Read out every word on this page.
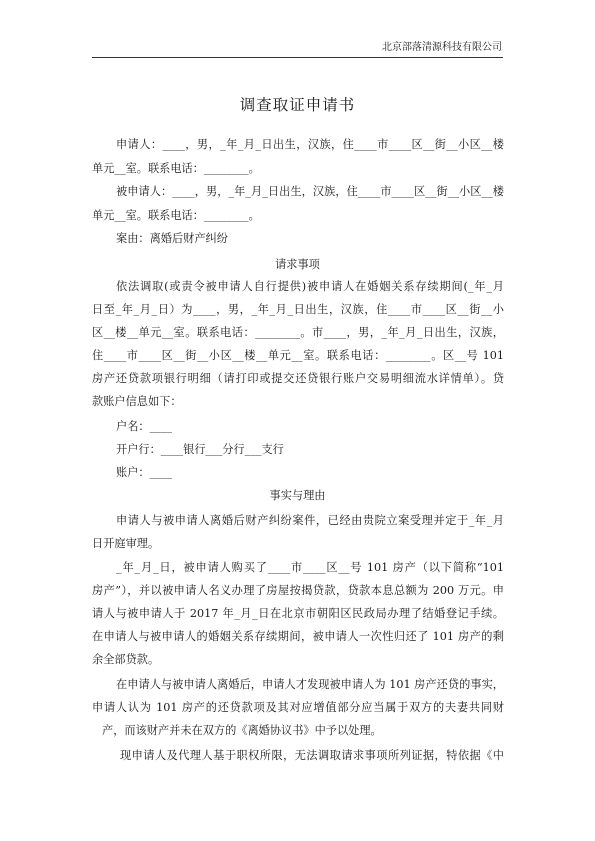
北京部落清源科技有限公司
调查取证申请书

申请人：____，男，_年_月_日出生，汉族，住____市____区__街__小区__楼

单元__室。联系电话：________。

被申请人：____，男，_年_月_日出生，汉族，住____市____区__街__小区__楼

单元__室。联系电话：________。

案由：离婚后财产纠纷

请求事项

依法调取(或责令被申请人自行提供)被申请人在婚姻关系存续期间(_年_月

日至_年_月_日）为____，男，_年_月_日出生，汉族，住____市____区__街__小

区__楼__单元__室。联系电话：________。市____，男，_年_月_日出生，汉族，

住____市____区__街__小区__楼__单元__室。联系电话：________。区__号 101

房产还贷款项银行明细（请打印或提交还贷银行账户交易明细流水详情单）。贷

款账户信息如下：

户名：____

开户行：____银行___分行___支行

账户：____

事实与理由

申请人与被申请人离婚后财产纠纷案件，已经由贵院立案受理并定于_年_月

日开庭审理。

_年_月_日，被申请人购买了____市____区__号 101 房产（以下简称“101

房产”），并以被申请人名义办理了房屋按揭贷款，贷款本息总额为 200 万元。申

请人与被申请人于 2017 年_月_日在北京市朝阳区民政局办理了结婚登记手续。

在申请人与被申请人的婚姻关系存续期间，被申请人一次性归还了 101 房产的剩

余全部贷款。

在申请人与被申请人离婚后，申请人才发现被申请人为 101 房产还贷的事实，

申请人认为 101 房产的还贷款项及其对应增值部分应当属于双方的夫妻共同财

产，而该财产并未在双方的《离婚协议书》中予以处理。

现申请人及代理人基于职权所限，无法调取请求事项所列证据，特依据《中
